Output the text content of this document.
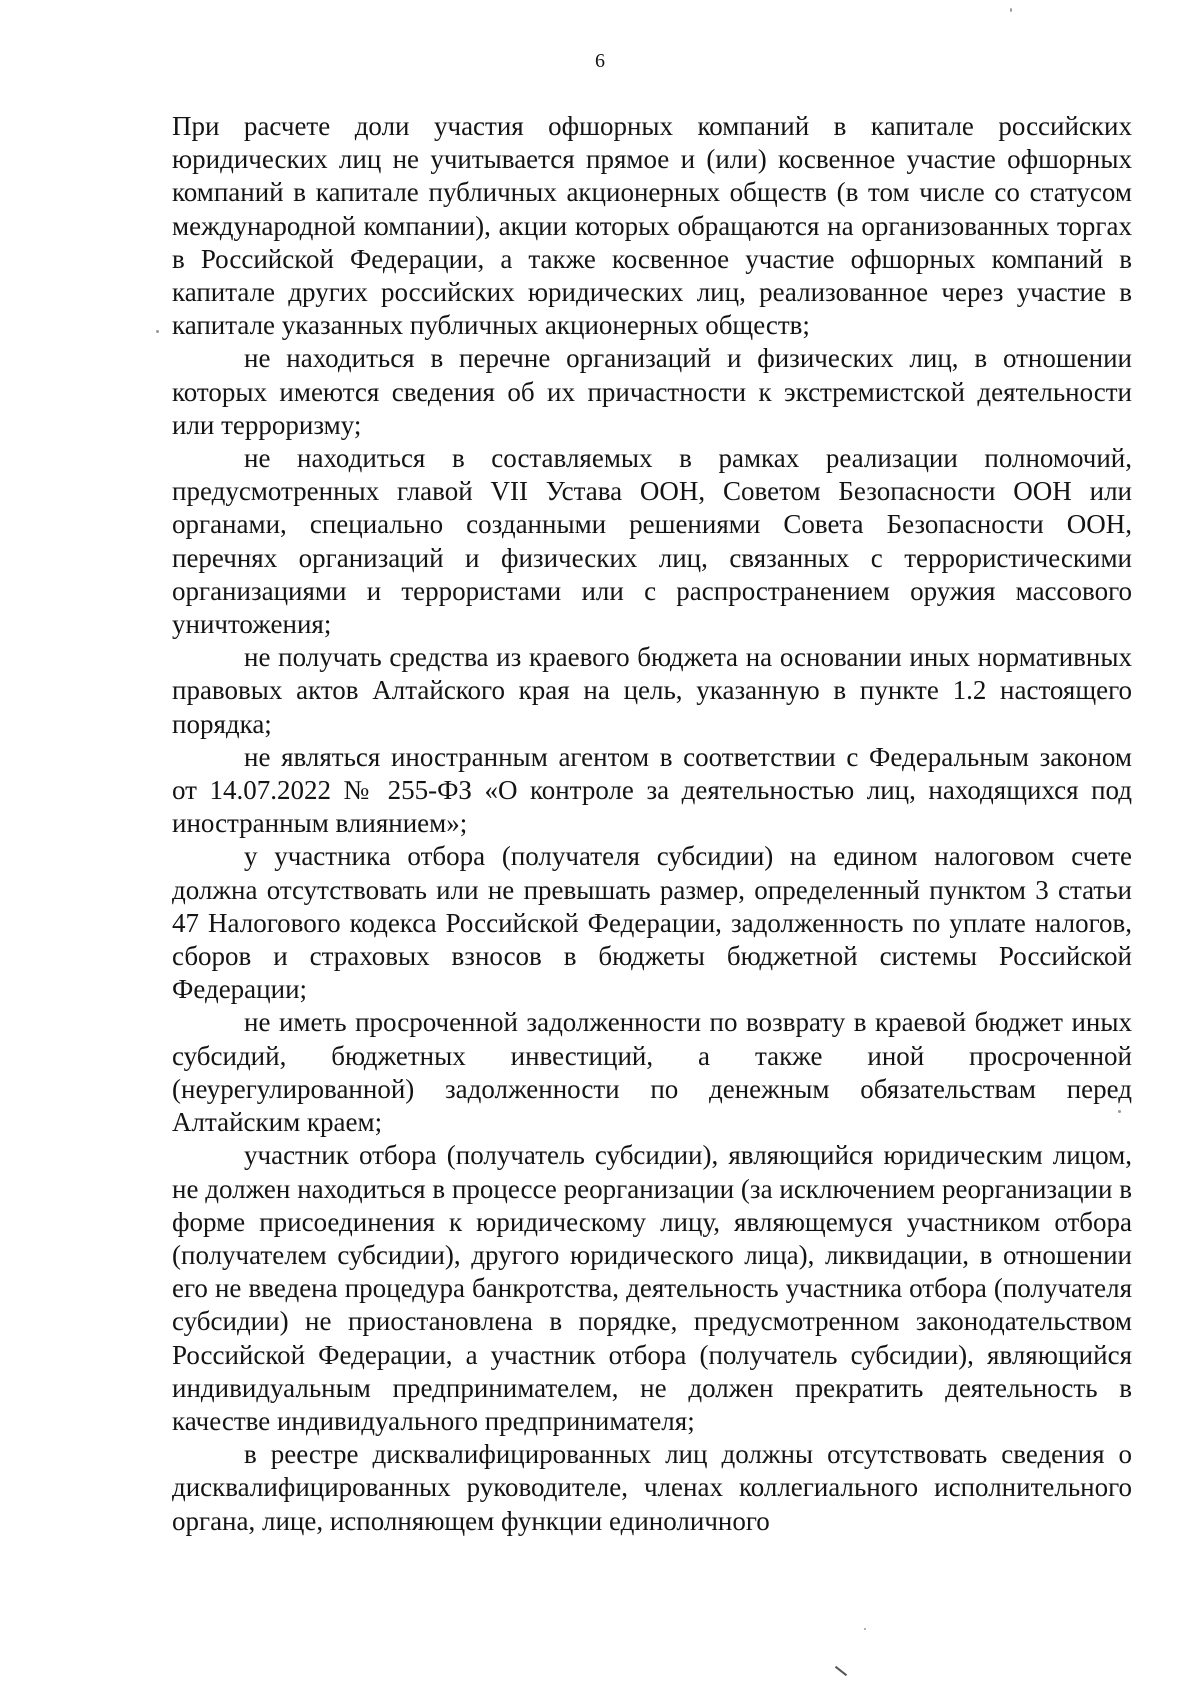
6

При расчете доли участия офшорных компаний в капитале российских юридических лиц не учитывается прямое и (или) косвенное участие офшорных компаний в капитале публичных акционерных обществ (в том числе со статусом международной компании), акции которых обращаются на организованных торгах в Российской Федерации, а также косвенное участие офшорных компаний в капитале других российских юридических лиц, реализованное через участие в капитале указанных публичных акционерных обществ;

не находиться в перечне организаций и физических лиц, в отношении которых имеются сведения об их причастности к экстремистской деятельности или терроризму;

не находиться в составляемых в рамках реализации полномочий, предусмотренных главой VII Устава ООН, Советом Безопасности ООН или органами, специально созданными решениями Совета Безопасности ООН, перечнях организаций и физических лиц, связанных с террористическими организациями и террористами или с распространением оружия массового уничтожения;

не получать средства из краевого бюджета на основании иных нормативных правовых актов Алтайского края на цель, указанную в пункте 1.2 настоящего порядка;

не являться иностранным агентом в соответствии с Федеральным законом от 14.07.2022 № 255-ФЗ «О контроле за деятельностью лиц, находящихся под иностранным влиянием»;

у участника отбора (получателя субсидии) на едином налоговом счете должна отсутствовать или не превышать размер, определенный пунктом 3 статьи 47 Налогового кодекса Российской Федерации, задолженность по уплате налогов, сборов и страховых взносов в бюджеты бюджетной системы Российской Федерации;

не иметь просроченной задолженности по возврату в краевой бюджет иных субсидий, бюджетных инвестиций, а также иной просроченной (неурегулированной) задолженности по денежным обязательствам перед Алтайским краем;

участник отбора (получатель субсидии), являющийся юридическим лицом, не должен находиться в процессе реорганизации (за исключением реорганизации в форме присоединения к юридическому лицу, являющемуся участником отбора (получателем субсидии), другого юридического лица), ликвидации, в отношении его не введена процедура банкротства, деятельность участника отбора (получателя субсидии) не приостановлена в порядке, предусмотренном законодательством Российской Федерации, а участник отбора (получатель субсидии), являющийся индивидуальным предпринимателем, не должен прекратить деятельность в качестве индивидуального предпринимателя;

в реестре дисквалифицированных лиц должны отсутствовать сведения о дисквалифицированных руководителе, членах коллегиального исполнительного органа, лице, исполняющем функции единоличного
